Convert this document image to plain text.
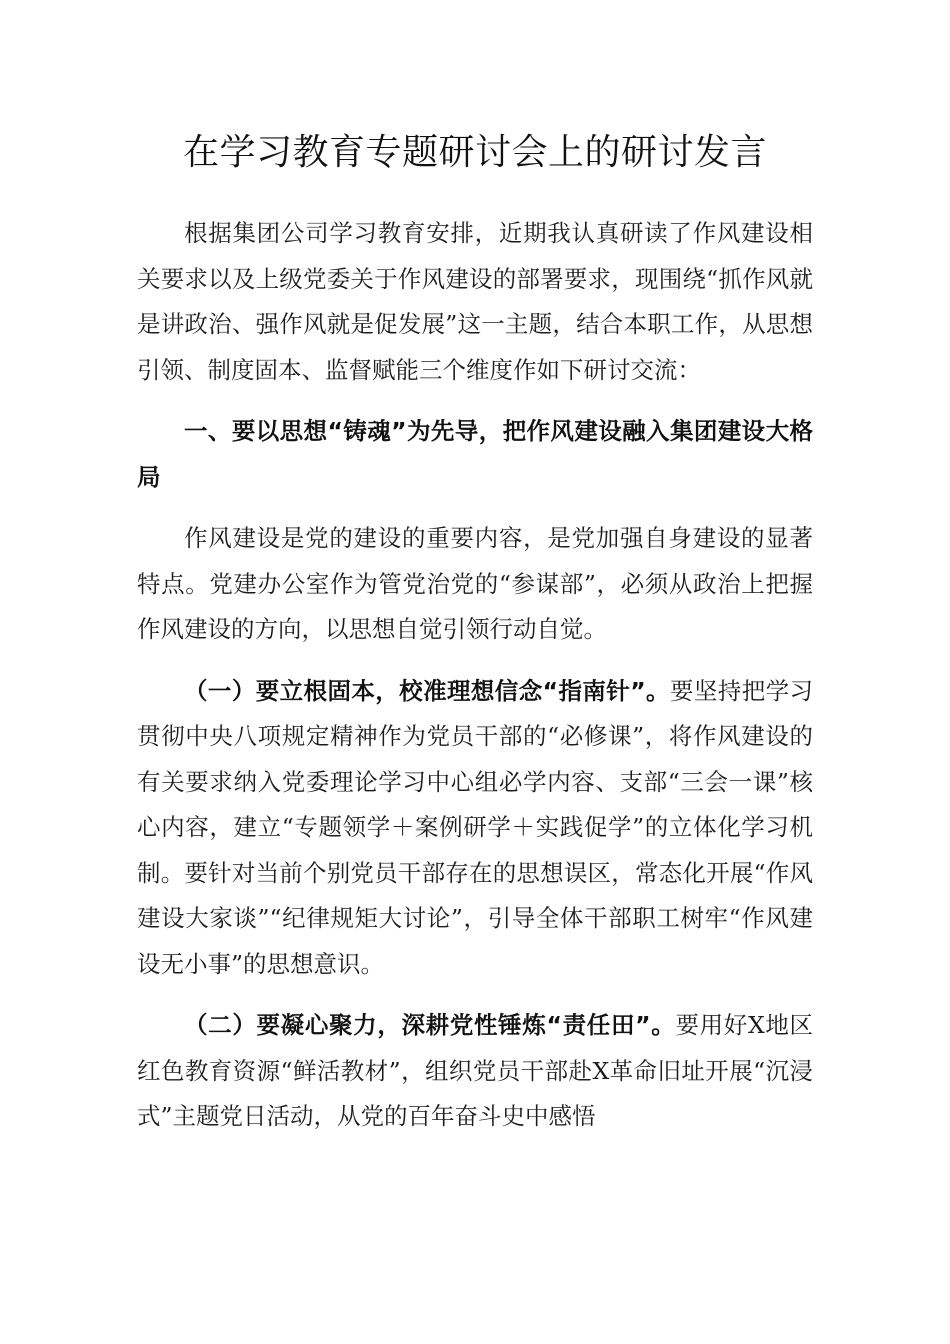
在学习教育专题研讨会上的研讨发言

根据集团公司学习教育安排，近期我认真研读了作风建设相关要求以及上级党委关于作风建设的部署要求，现围绕“抓作风就是讲政治、强作风就是促发展”这一主题，结合本职工作，从思想引领、制度固本、监督赋能三个维度作如下研讨交流：

一、要以思想“铸魂”为先导，把作风建设融入集团建设大格局

作风建设是党的建设的重要内容，是党加强自身建设的显著特点。党建办公室作为管党治党的“参谋部”，必须从政治上把握作风建设的方向，以思想自觉引领行动自觉。

（一）要立根固本，校准理想信念“指南针”。要坚持把学习贯彻中央八项规定精神作为党员干部的“必修课”，将作风建设的有关要求纳入党委理论学习中心组必学内容、支部“三会一课”核心内容，建立“专题领学＋案例研学＋实践促学”的立体化学习机制。要针对当前个别党员干部存在的思想误区，常态化开展“作风建设大家谈”“纪律规矩大讨论”，引导全体干部职工树牢“作风建设无小事”的思想意识。

（二）要凝心聚力，深耕党性锤炼“责任田”。要用好X地区红色教育资源“鲜活教材”，组织党员干部赴X革命旧址开展“沉浸式”主题党日活动，从党的百年奋斗史中感悟
